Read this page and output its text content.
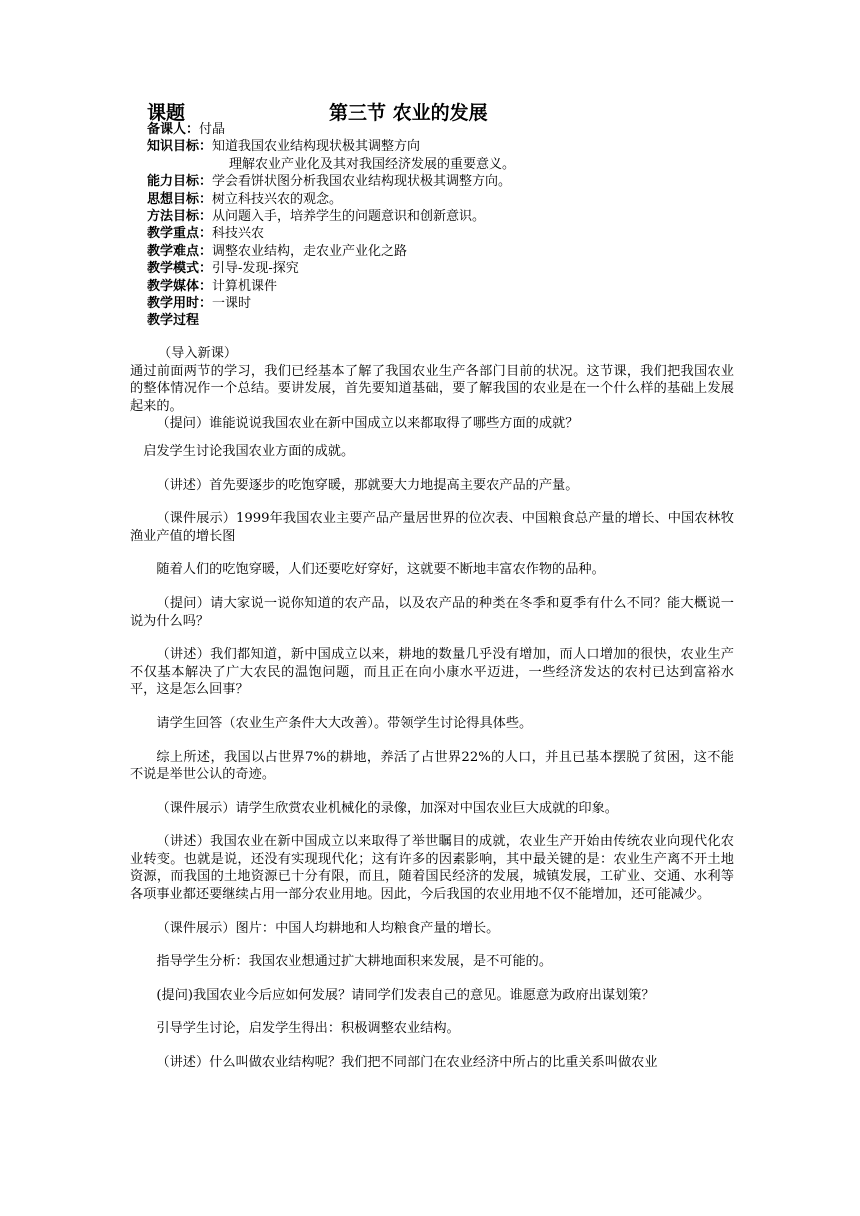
课题	第三节 农业的发展
备课人：付晶
知识目标：知道我国农业结构现状极其调整方向
理解农业产业化及其对我国经济发展的重要意义。
能力目标：学会看饼状图分析我国农业结构现状极其调整方向。
思想目标：树立科技兴农的观念。
方法目标：从问题入手，培养学生的问题意识和创新意识。
教学重点：科技兴农
教学难点：调整农业结构，走农业产业化之路
教学模式：引导-发现-探究
教学媒体：计算机课件
教学用时：一课时
教学过程

（导入新课）

通过前面两节的学习，我们已经基本了解了我国农业生产各部门目前的状况。这节课，我们把我国农业的整体情况作一个总结。要讲发展，首先要知道基础，要了解我国的农业是在一个什么样的基础上发展起来的。

（提问）谁能说说我国农业在新中国成立以来都取得了哪些方面的成就？

启发学生讨论我国农业方面的成就。

（讲述）首先要逐步的吃饱穿暖，那就要大力地提高主要农产品的产量。

（课件展示）1999年我国农业主要产品产量居世界的位次表、中国粮食总产量的增长、中国农林牧渔业产值的增长图

随着人们的吃饱穿暖，人们还要吃好穿好，这就要不断地丰富农作物的品种。

（提问）请大家说一说你知道的农产品，以及农产品的种类在冬季和夏季有什么不同？能大概说一说为什么吗？

（讲述）我们都知道，新中国成立以来，耕地的数量几乎没有增加，而人口增加的很快，农业生产不仅基本解决了广大农民的温饱问题，而且正在向小康水平迈进，一些经济发达的农村已达到富裕水平，这是怎么回事？

请学生回答（农业生产条件大大改善）。带领学生讨论得具体些。

综上所述，我国以占世界7%的耕地，养活了占世界22%的人口，并且已基本摆脱了贫困，这不能不说是举世公认的奇迹。

（课件展示）请学生欣赏农业机械化的录像，加深对中国农业巨大成就的印象。

（讲述）我国农业在新中国成立以来取得了举世瞩目的成就，农业生产开始由传统农业向现代化农业转变。也就是说，还没有实现现代化；这有许多的因素影响，其中最关键的是：农业生产离不开土地资源，而我国的土地资源已十分有限，而且，随着国民经济的发展，城镇发展，工矿业、交通、水利等各项事业都还要继续占用一部分农业用地。因此，今后我国的农业用地不仅不能增加，还可能减少。

（课件展示）图片：中国人均耕地和人均粮食产量的增长。

指导学生分析：我国农业想通过扩大耕地面积来发展，是不可能的。

(提问)我国农业今后应如何发展？请同学们发表自己的意见。谁愿意为政府出谋划策？

引导学生讨论，启发学生得出：积极调整农业结构。

（讲述）什么叫做农业结构呢？我们把不同部门在农业经济中所占的比重关系叫做农业
